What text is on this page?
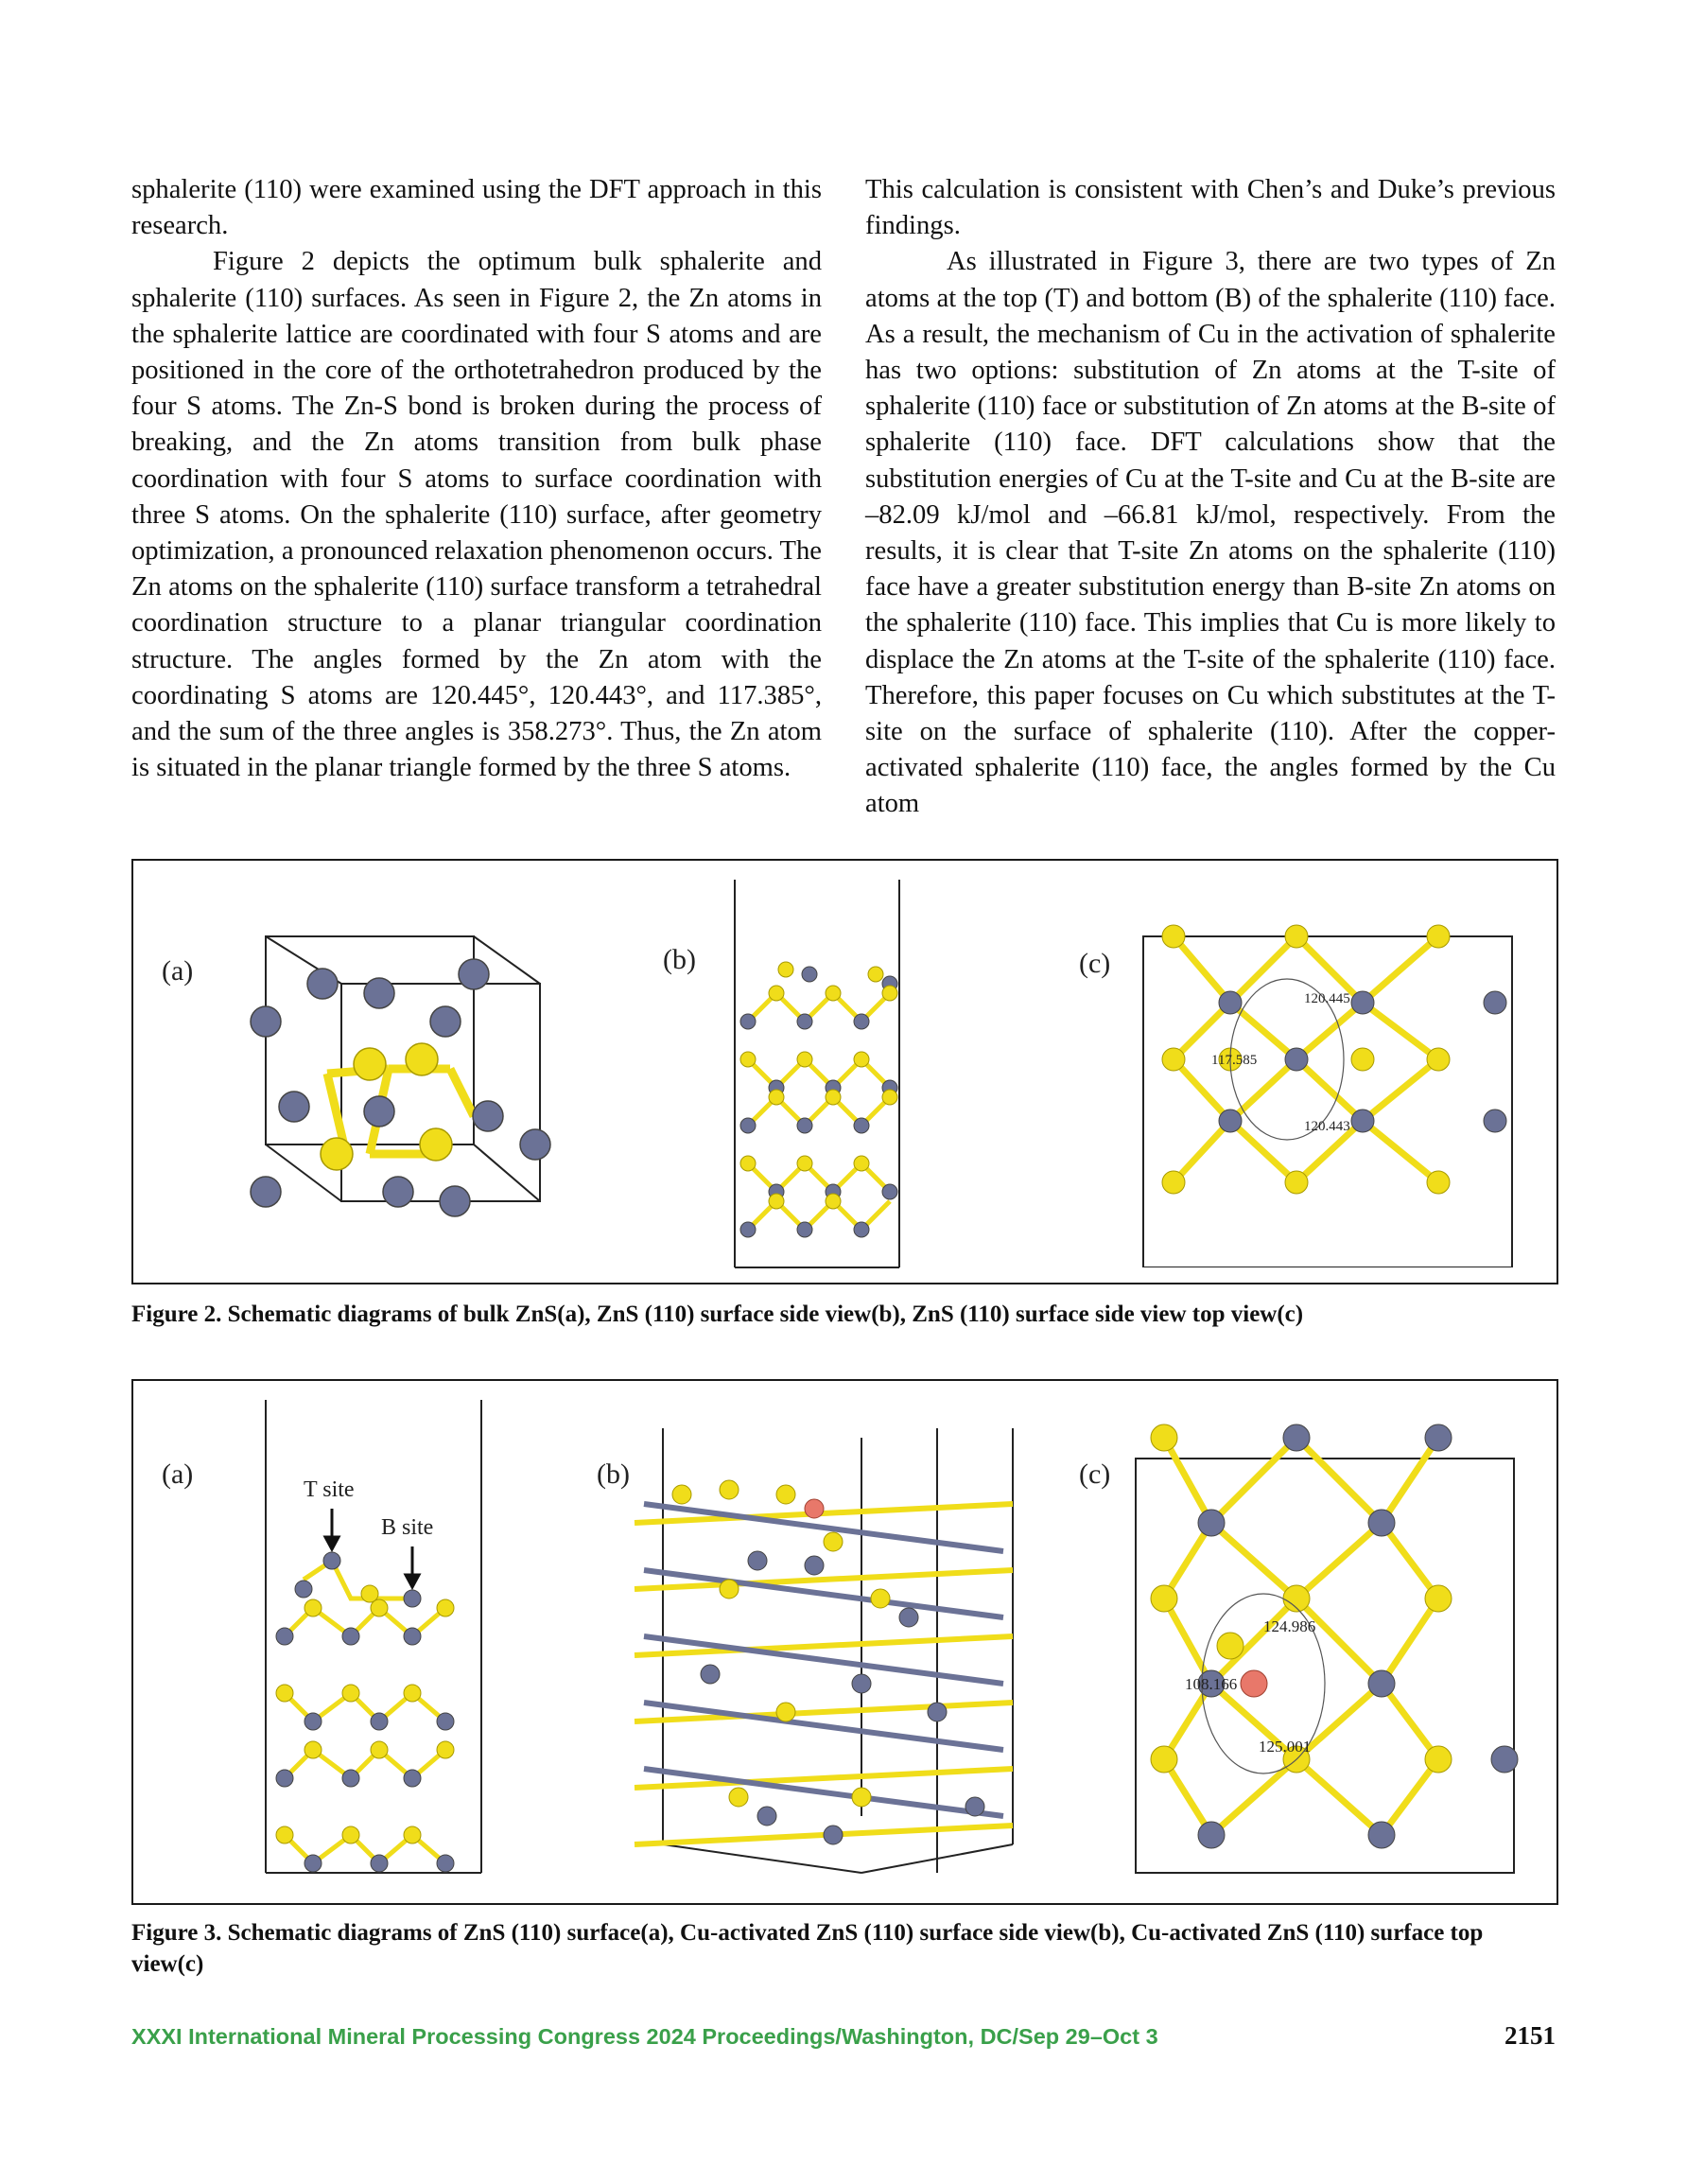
sphalerite (110) were examined using the DFT approach in this research.

Figure 2 depicts the optimum bulk sphalerite and sphalerite (110) surfaces. As seen in Figure 2, the Zn atoms in the sphalerite lattice are coordinated with four S atoms and are positioned in the core of the orthotetrahedron produced by the four S atoms. The Zn-S bond is broken during the process of breaking, and the Zn atoms transition from bulk phase coordination with four S atoms to surface coordination with three S atoms. On the sphalerite (110) surface, after geometry optimization, a pronounced relaxation phenomenon occurs. The Zn atoms on the sphalerite (110) surface transform a tetrahedral coordination structure to a planar triangular coordination structure. The angles formed by the Zn atom with the coordinating S atoms are 120.445°, 120.443°, and 117.385°, and the sum of the three angles is 358.273°. Thus, the Zn atom is situated in the planar triangle formed by the three S atoms.

This calculation is consistent with Chen’s and Duke’s previous findings.

As illustrated in Figure 3, there are two types of Zn atoms at the top (T) and bottom (B) of the sphalerite (110) face. As a result, the mechanism of Cu in the activation of sphalerite has two options: substitution of Zn atoms at the T-site of sphalerite (110) face or substitution of Zn atoms at the B-site of sphalerite (110) face. DFT calculations show that the substitution energies of Cu at the T-site and Cu at the B-site are –82.09 kJ/mol and –66.81 kJ/mol, respectively. From the results, it is clear that T-site Zn atoms on the sphalerite (110) face have a greater substitution energy than B-site Zn atoms on the sphalerite (110) face. This implies that Cu is more likely to displace the Zn atoms at the T-site of the sphalerite (110) face. Therefore, this paper focuses on Cu which substitutes at the T-site on the surface of sphalerite (110). After the copper-activated sphalerite (110) face, the angles formed by the Cu atom

(a)	(b)	(c)
120.445
117.585
120.443
Figure 2. Schematic diagrams of bulk ZnS(a), ZnS (110) surface side view(b), ZnS (110) surface side view top view(c)
(a)	T site
B site
(b)	(c)
124.986
108.166
125.001
Figure 3. Schematic diagrams of ZnS (110) surface(a), Cu-activated ZnS (110) surface side view(b), Cu-activated ZnS (110) surface top view(c)
XXXI International Mineral Processing Congress 2024 Proceedings/Washington, DC/Sep 29–Oct 3	2151
